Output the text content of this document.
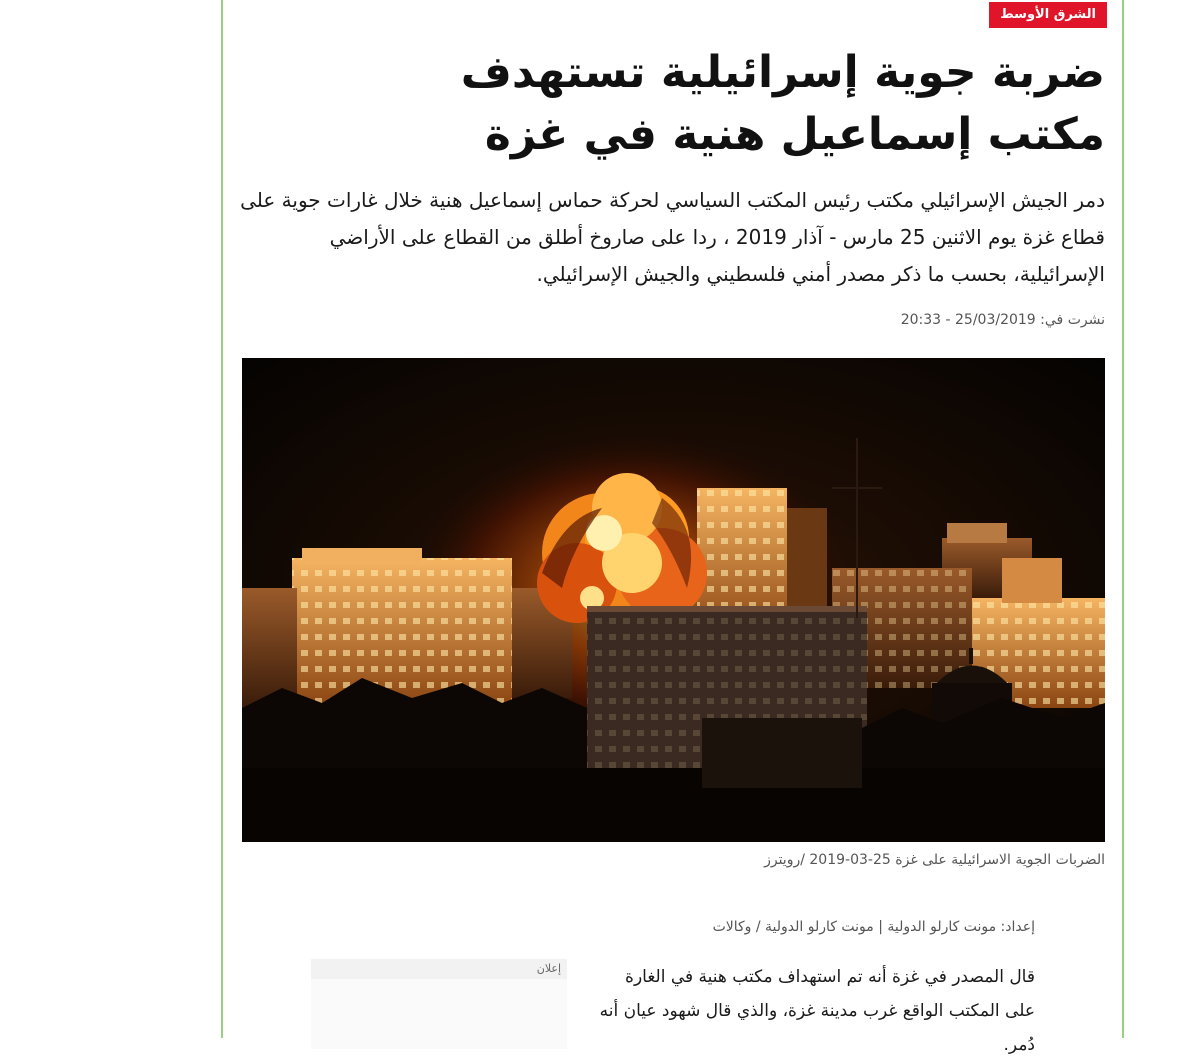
الشرق الأوسط
ضربة جوية إسرائيلية تستهدف مكتب إسماعيل هنية في غزة

دمر الجيش الإسرائيلي مكتب رئيس المكتب السياسي لحركة حماس إسماعيل هنية خلال غارات جوية على قطاع غزة يوم الاثنين 25 مارس - آذار 2019 ، ردا على صاروخ أطلق من القطاع على الأراضي الإسرائيلية، بحسب ما ذكر مصدر أمني فلسطيني والجيش الإسرائيلي.

نشرت في: 25/03/2019 - 20:33
الضربات الجوية الاسرائيلية على غزة 25-03-2019 /رويترز
إعداد: مونت كارلو الدولية | مونت كارلو الدولية / وكالات
إعلان	قال المصدر في غزة أنه تم استهداف مكتب هنية في الغارة على المكتب الواقع غرب مدينة غزة، والذي قال شهود عيان أنه دُمر.
